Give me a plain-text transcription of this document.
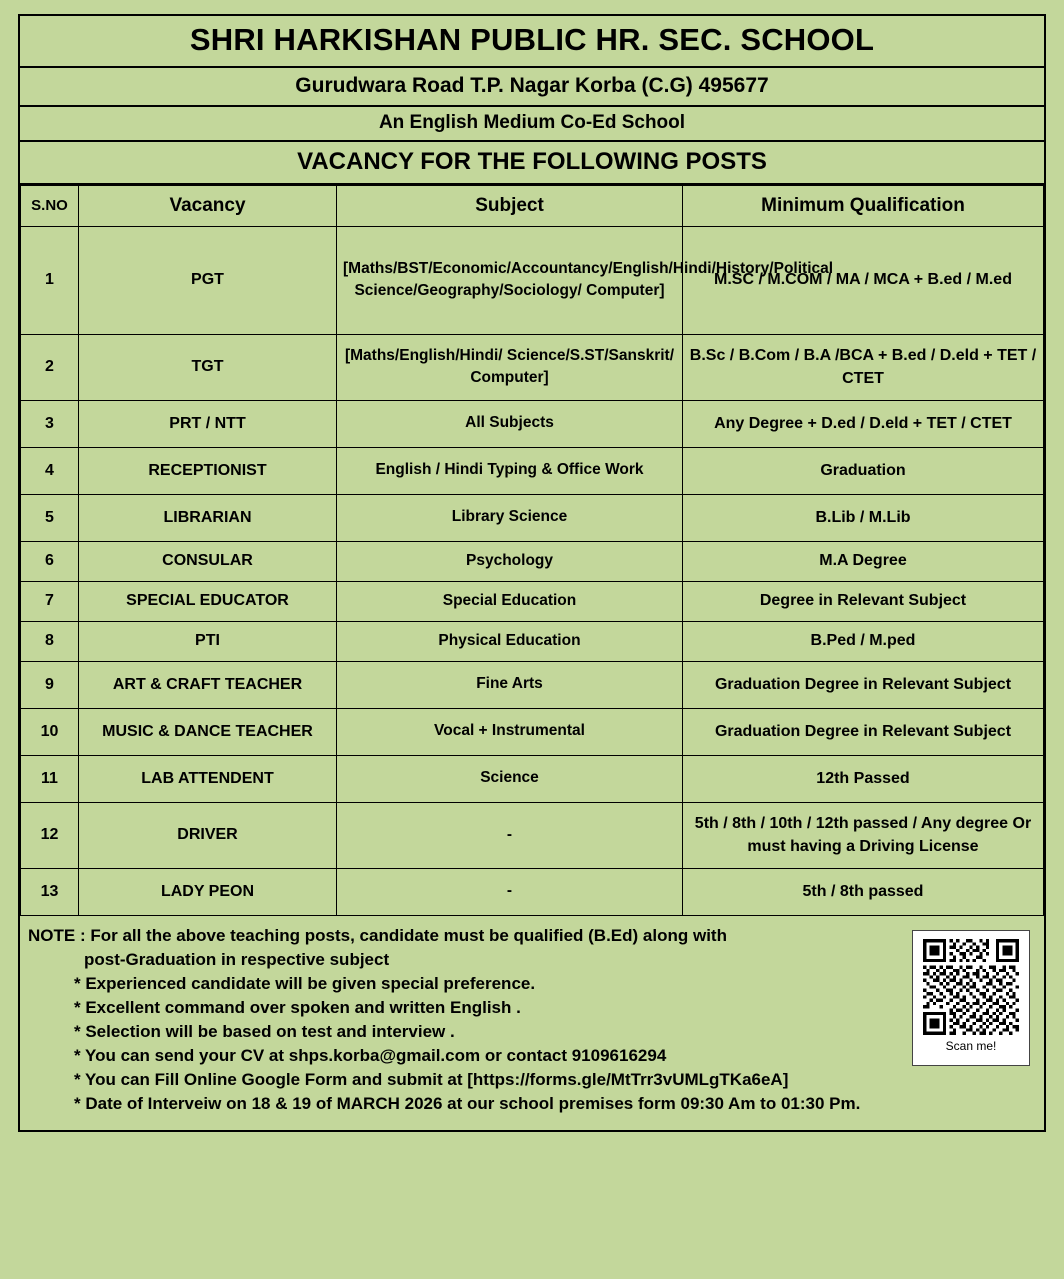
SHRI HARKISHAN PUBLIC HR. SEC. SCHOOL
Gurudwara Road T.P. Nagar Korba (C.G) 495677
An English Medium Co-Ed School
VACANCY FOR THE FOLLOWING POSTS
S.NO	Vacancy	Subject	Minimum Qualification
1	PGT	[Maths/BST/Economic/Accountancy/English/Hindi/History/Political Science/Geography/Sociology/ Computer]	M.SC / M.COM / MA / MCA + B.ed / M.ed
2	TGT	[Maths/English/Hindi/ Science/S.ST/Sanskrit/ Computer]	B.Sc / B.Com / B.A /BCA + B.ed / D.eld + TET / CTET
3	PRT / NTT	All Subjects	Any Degree + D.ed / D.eld + TET / CTET
4	RECEPTIONIST	English / Hindi Typing & Office Work	Graduation
5	LIBRARIAN	Library Science	B.Lib / M.Lib
6	CONSULAR	Psychology	M.A Degree
7	SPECIAL EDUCATOR	Special Education	Degree in Relevant Subject
8	PTI	Physical Education	B.Ped / M.ped
9	ART & CRAFT TEACHER	Fine Arts	Graduation Degree in Relevant Subject
10	MUSIC & DANCE TEACHER	Vocal + Instrumental	Graduation Degree in Relevant Subject
11	LAB ATTENDENT	Science	12th Passed
12	DRIVER	-	5th / 8th / 10th / 12th passed / Any degree Or must having a Driving License
13	LADY PEON	-	5th / 8th passed
NOTE : For all the above teaching posts, candidate must be qualified (B.Ed) along with
post-Graduation in respective subject
* Experienced candidate will be given special preference.
* Excellent command over spoken and written English .
* Selection will be based on test and interview .
* You can send your CV at shps.korba@gmail.com or contact 9109616294
* You can Fill Online Google Form and submit at [https://forms.gle/MtTrr3vUMLgTKa6eA]
* Date of Interveiw on 18 & 19 of MARCH 2026 at our school premises form 09:30 Am to 01:30 Pm.
Scan me!
